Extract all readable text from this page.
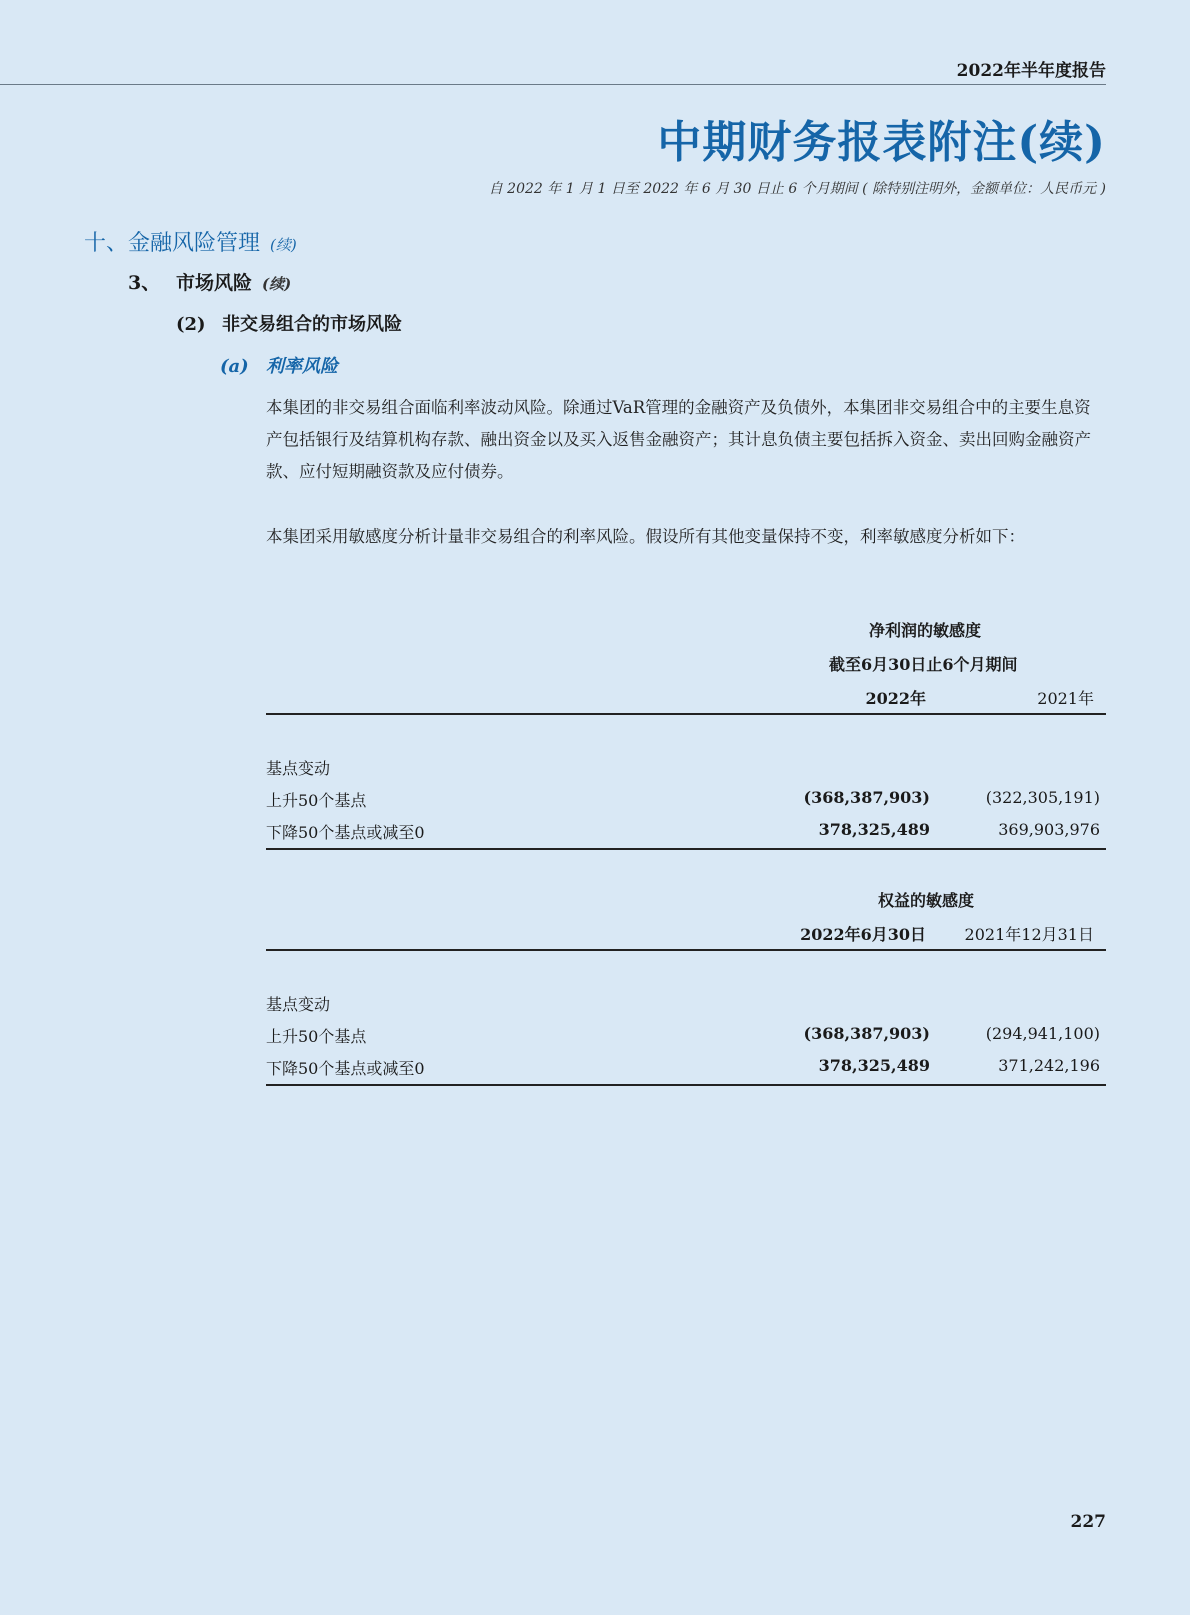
2022年半年度报告
中期财务报表附注(续)
自 2022 年 1 月 1 日至 2022 年 6 月 30 日止 6 个月期间 ( 除特别注明外，金额单位：人民币元 )
十、金融风险管理 (续)
3、 市场风险 (续)
(2) 非交易组合的市场风险
(a) 利率风险
本集团的非交易组合面临利率波动风险。除通过VaR管理的金融资产及负债外，本集团非交易组合中的主要生息资产包括银行及结算机构存款、融出资金以及买入返售金融资产；其计息负债主要包括拆入资金、卖出回购金融资产款、应付短期融资款及应付债券。
本集团采用敏感度分析计量非交易组合的利率风险。假设所有其他变量保持不变，利率敏感度分析如下：
净利润的敏感度
截至6月30日止6个月期间
2022年	2021年
基点变动
上升50个基点	(368,387,903)	(322,305,191)
下降50个基点或减至0	378,325,489	369,903,976
权益的敏感度
2022年6月30日 2021年12月31日
基点变动
上升50个基点	(368,387,903)	(294,941,100)
下降50个基点或减至0	378,325,489	371,242,196
227
